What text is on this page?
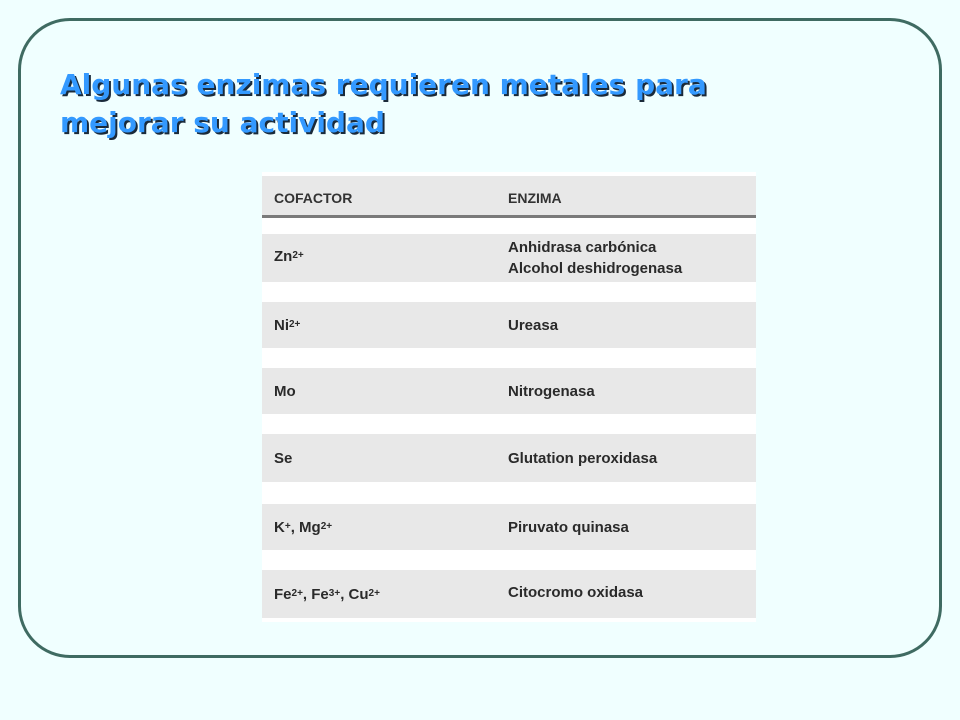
Algunas enzimas requieren metales para
mejorar su actividad
COFACTOR	ENZIMA
$Zn^{2+}$	Anhidrasa carbónica
Alcohol deshidrogenasa
$Ni^{2+}$	Ureasa
Mo	Nitrogenasa
Se	Glutation peroxidasa
K+, $Mg^{2+}$	Piruvato quinasa
$Fe^{2+}$, $Fe^{3+}$, $Cu^{2+}$	Citocromo oxidasa
